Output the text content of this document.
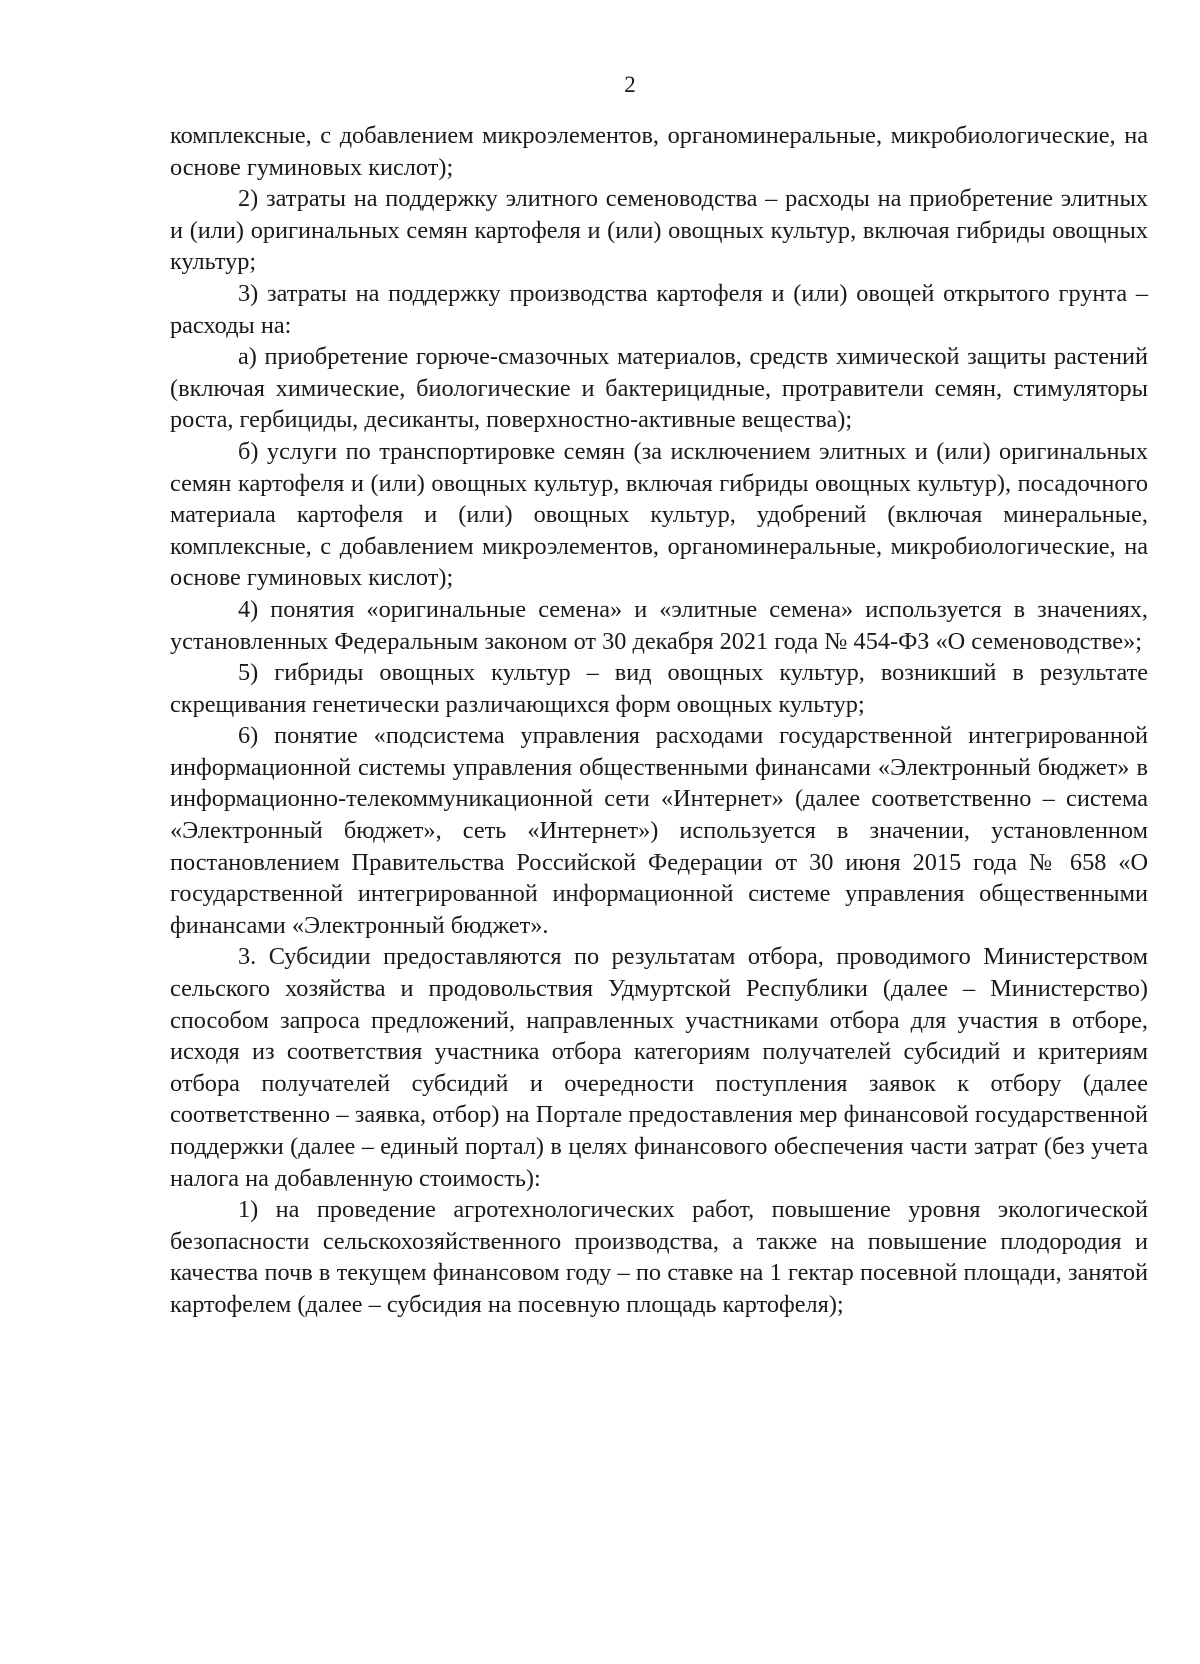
2

комплексные, с добавлением микроэлементов, органоминеральные, микробиологические, на основе гуминовых кислот);

2) затраты на поддержку элитного семеноводства – расходы на приобретение элитных и (или) оригинальных семян картофеля и (или) овощных культур, включая гибриды овощных культур;

3) затраты на поддержку производства картофеля и (или) овощей открытого грунта – расходы на:

а) приобретение горюче-смазочных материалов, средств химической защиты растений (включая химические, биологические и бактерицидные, протравители семян, стимуляторы роста, гербициды, десиканты, поверхностно-активные вещества);

б) услуги по транспортировке семян (за исключением элитных и (или) оригинальных семян картофеля и (или) овощных культур, включая гибриды овощных культур), посадочного материала картофеля и (или) овощных культур, удобрений (включая минеральные, комплексные, с добавлением микроэлементов, органоминеральные, микробиологические, на основе гуминовых кислот);

4) понятия «оригинальные семена» и «элитные семена» используется в значениях, установленных Федеральным законом от 30 декабря 2021 года № 454-ФЗ «О семеноводстве»;

5) гибриды овощных культур – вид овощных культур, возникший в результате скрещивания генетически различающихся форм овощных культур;

6) понятие «подсистема управления расходами государственной интегрированной информационной системы управления общественными финансами «Электронный бюджет» в информационно-телекоммуникационной сети «Интернет» (далее соответственно – система «Электронный бюджет», сеть «Интернет») используется в значении, установленном постановлением Правительства Российской Федерации от 30 июня 2015 года № 658 «О государственной интегрированной информационной системе управления общественными финансами «Электронный бюджет».

3. Субсидии предоставляются по результатам отбора, проводимого Министерством сельского хозяйства и продовольствия Удмуртской Республики (далее – Министерство) способом запроса предложений, направленных участниками отбора для участия в отборе, исходя из соответствия участника отбора категориям получателей субсидий и критериям отбора получателей субсидий и очередности поступления заявок к отбору (далее соответственно – заявка, отбор) на Портале предоставления мер финансовой государственной поддержки (далее – единый портал) в целях финансового обеспечения части затрат (без учета налога на добавленную стоимость):

1) на проведение агротехнологических работ, повышение уровня экологической безопасности сельскохозяйственного производства, а также на повышение плодородия и качества почв в текущем финансовом году – по ставке на 1 гектар посевной площади, занятой картофелем (далее – субсидия на посевную площадь картофеля);
